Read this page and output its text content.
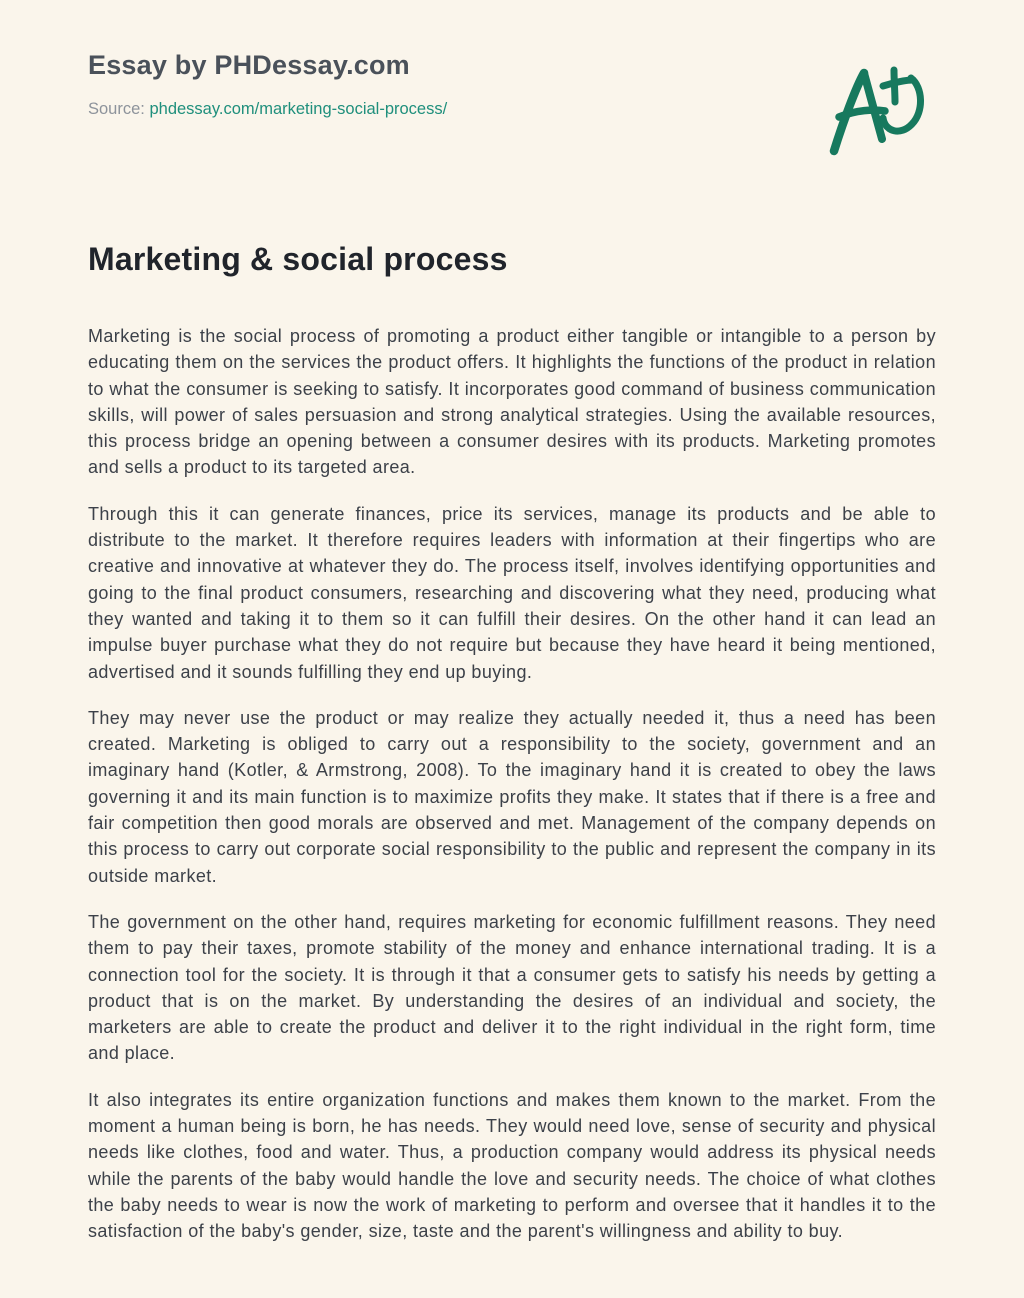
Essay by PHDessay.com
Source: phdessay.com/marketing-social-process/
Marketing & social process

Marketing is the social process of promoting a product either tangible or intangible to a person by educating them on the services the product offers. It highlights the functions of the product in relation to what the consumer is seeking to satisfy. It incorporates good command of business communication skills, will power of sales persuasion and strong analytical strategies. Using the available resources, this process bridge an opening between a consumer desires with its products. Marketing promotes and sells a product to its targeted area.

Through this it can generate finances, price its services, manage its products and be able to distribute to the market. It therefore requires leaders with information at their fingertips who are creative and innovative at whatever they do. The process itself, involves identifying opportunities and going to the final product consumers, researching and discovering what they need, producing what they wanted and taking it to them so it can fulfill their desires. On the other hand it can lead an impulse buyer purchase what they do not require but because they have heard it being mentioned, advertised and it sounds fulfilling they end up buying.

They may never use the product or may realize they actually needed it, thus a need has been created. Marketing is obliged to carry out a responsibility to the society, government and an imaginary hand (Kotler, & Armstrong, 2008). To the imaginary hand it is created to obey the laws governing it and its main function is to maximize profits they make. It states that if there is a free and fair competition then good morals are observed and met. Management of the company depends on this process to carry out corporate social responsibility to the public and represent the company in its outside market.

The government on the other hand, requires marketing for economic fulfillment reasons. They need them to pay their taxes, promote stability of the money and enhance international trading. It is a connection tool for the society. It is through it that a consumer gets to satisfy his needs by getting a product that is on the market. By understanding the desires of an individual and society, the marketers are able to create the product and deliver it to the right individual in the right form, time and place.

It also integrates its entire organization functions and makes them known to the market. From the moment a human being is born, he has needs. They would need love, sense of security and physical needs like clothes, food and water. Thus, a production company would address its physical needs while the parents of the baby would handle the love and security needs. The choice of what clothes the baby needs to wear is now the work of marketing to perform and oversee that it handles it to the satisfaction of the baby's gender, size, taste and the parent's willingness and ability to buy.
